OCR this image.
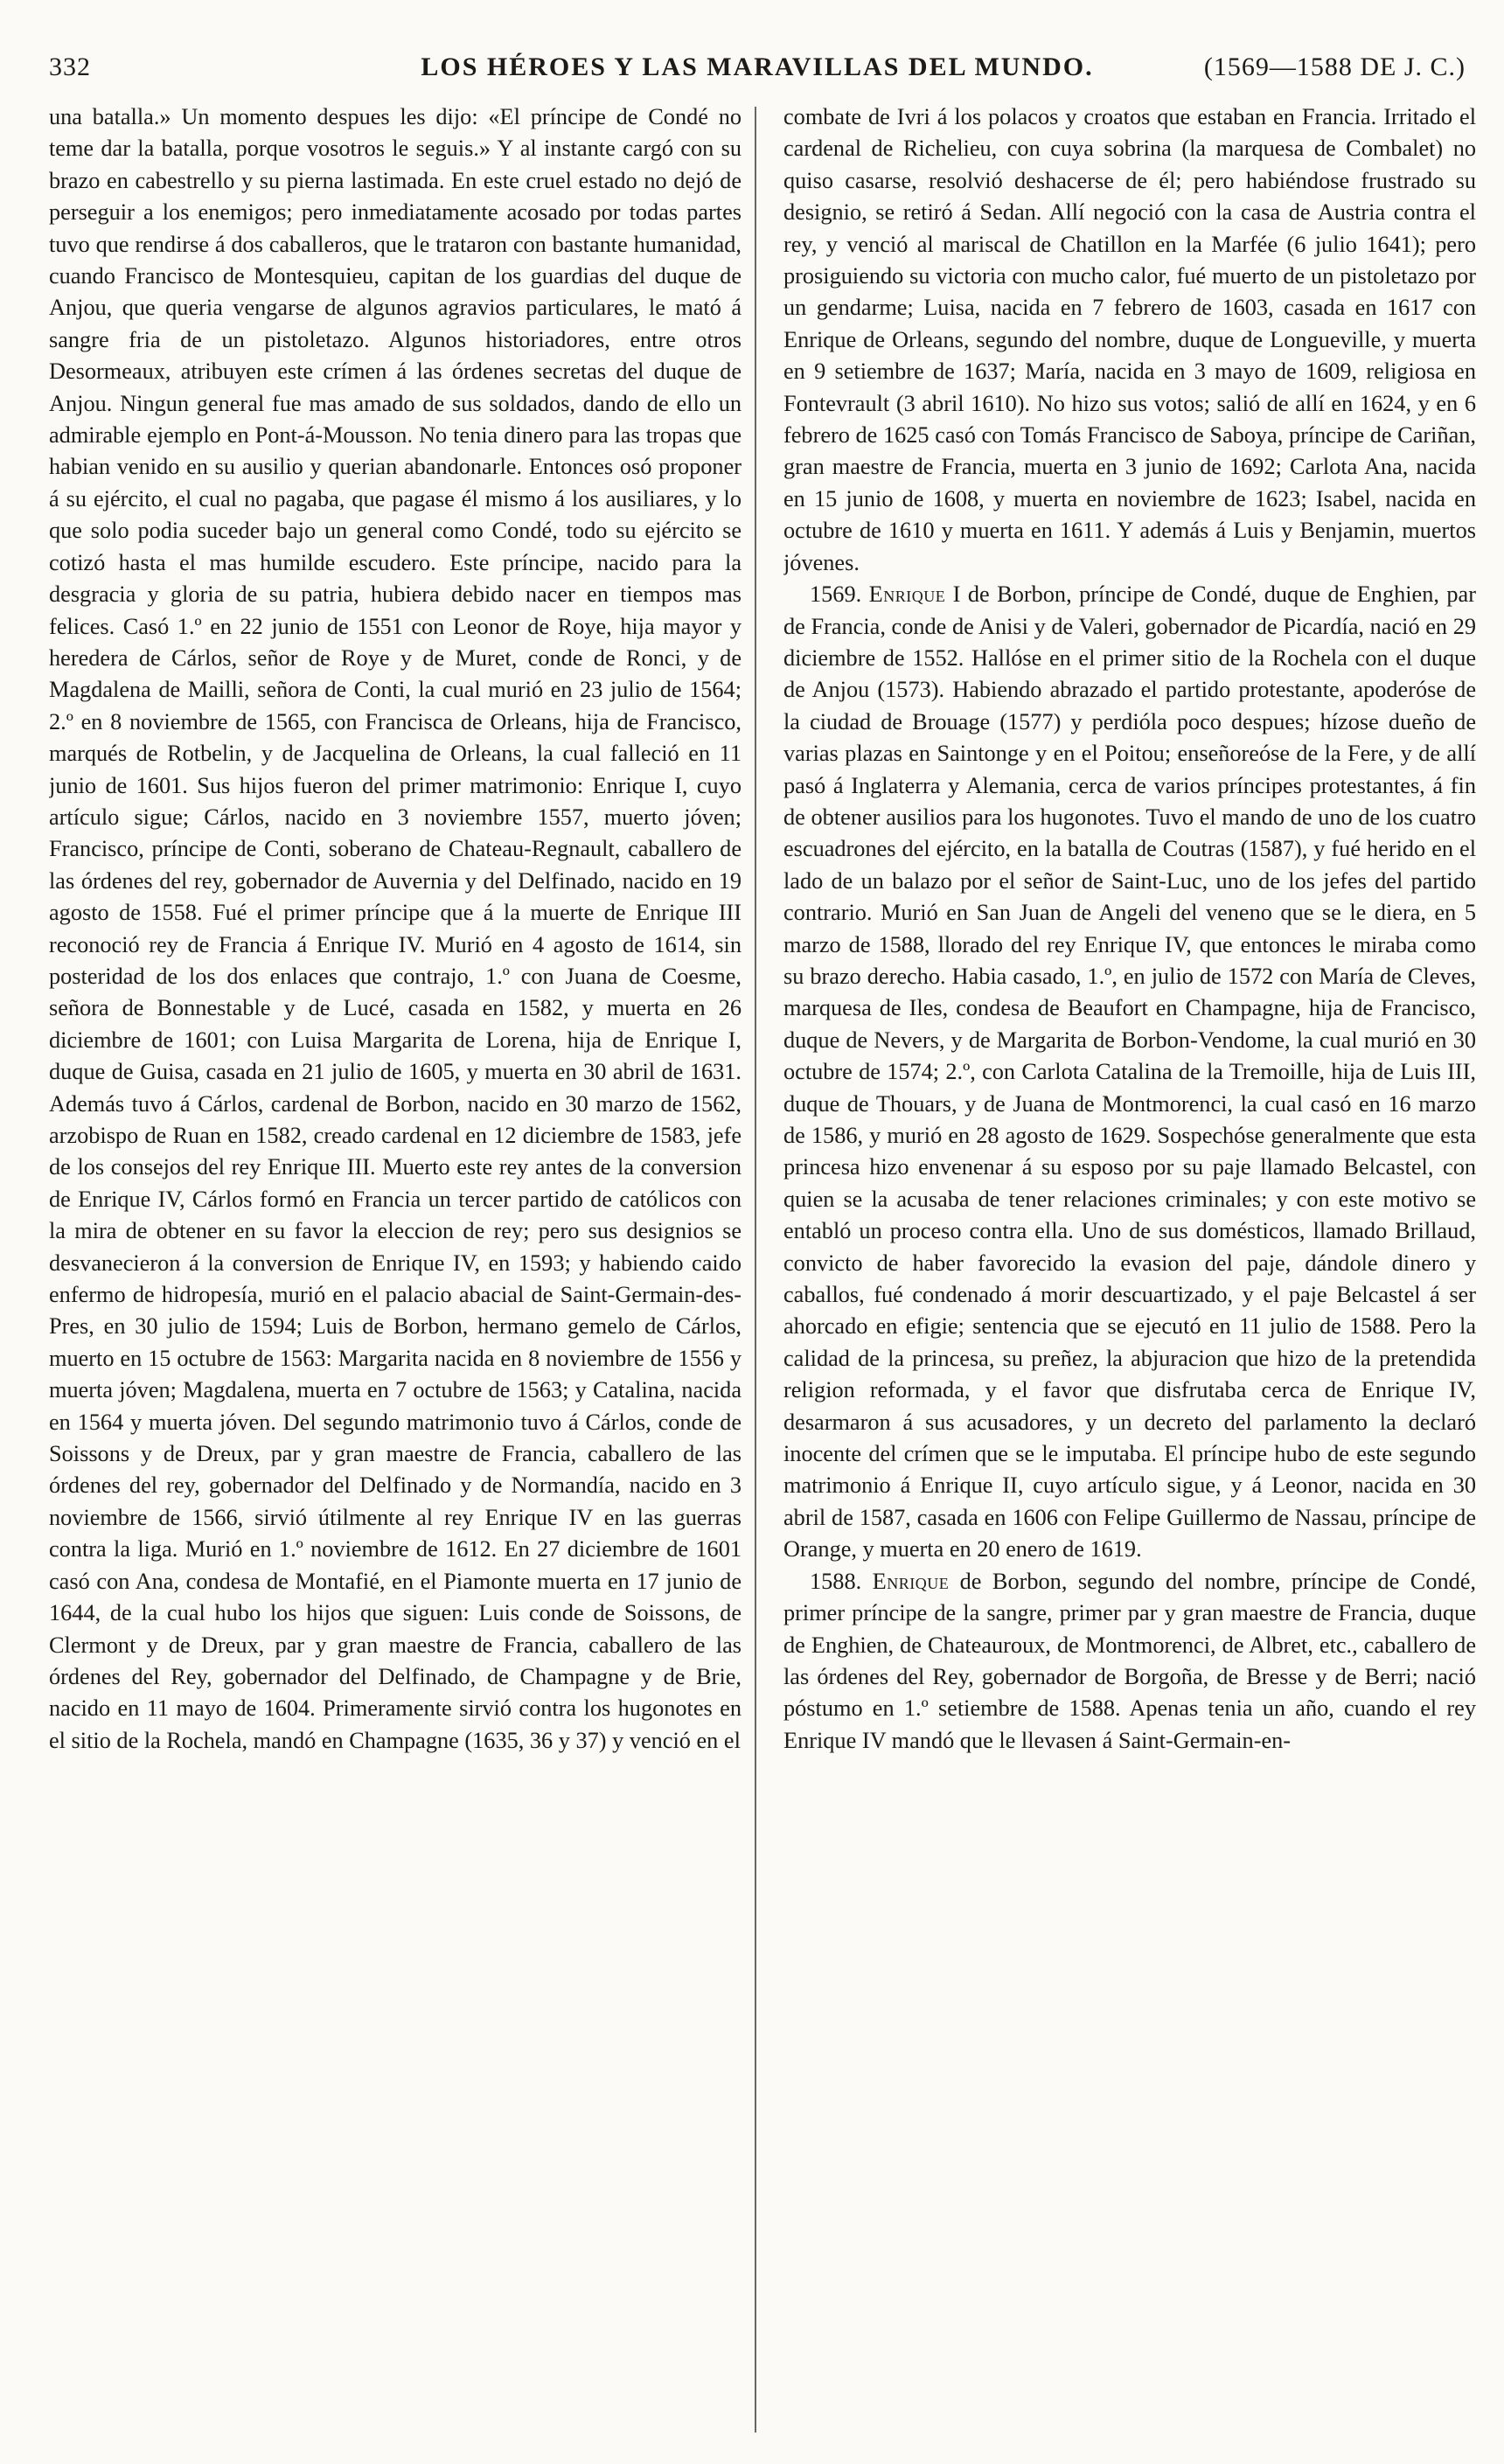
332	LOS HÉROES Y LAS MARAVILLAS DEL MUNDO.	(1569—1588 DE J. C.)

una batalla.» Un momento despues les dijo: «El príncipe de Condé no teme dar la batalla, porque vosotros le seguis.» Y al instante cargó con su brazo en cabestrello y su pierna lastimada. En este cruel estado no dejó de perseguir a los enemigos; pero inmediatamente acosado por todas partes tuvo que rendirse á dos caballeros, que le trataron con bastante humanidad, cuando Francisco de Montesquieu, capitan de los guardias del duque de Anjou, que queria vengarse de algunos agravios particulares, le mató á sangre fria de un pistoletazo. Algunos historiadores, entre otros Desormeaux, atribuyen este crímen á las órdenes secretas del duque de Anjou. Ningun general fue mas amado de sus soldados, dando de ello un admirable ejemplo en Pont-á-Mousson. No tenia dinero para las tropas que habian venido en su ausilio y querian abandonarle. Entonces osó proponer á su ejército, el cual no pagaba, que pagase él mismo á los ausiliares, y lo que solo podia suceder bajo un general como Condé, todo su ejército se cotizó hasta el mas humilde escudero. Este príncipe, nacido para la desgracia y gloria de su patria, hubiera debido nacer en tiempos mas felices. Casó 1.º en 22 junio de 1551 con Leonor de Roye, hija mayor y heredera de Cárlos, señor de Roye y de Muret, conde de Ronci, y de Magdalena de Mailli, señora de Conti, la cual murió en 23 julio de 1564; 2.º en 8 noviembre de 1565, con Francisca de Orleans, hija de Francisco, marqués de Rotbelin, y de Jacquelina de Orleans, la cual falleció en 11 junio de 1601. Sus hijos fueron del primer matrimonio: Enrique I, cuyo artículo sigue; Cárlos, nacido en 3 noviembre 1557, muerto jóven; Francisco, príncipe de Conti, soberano de Chateau-Regnault, caballero de las órdenes del rey, gobernador de Auvernia y del Delfinado, nacido en 19 agosto de 1558. Fué el primer príncipe que á la muerte de Enrique III reconoció rey de Francia á Enrique IV. Murió en 4 agosto de 1614, sin posteridad de los dos enlaces que contrajo, 1.º con Juana de Coesme, señora de Bonnestable y de Lucé, casada en 1582, y muerta en 26 diciembre de 1601; con Luisa Margarita de Lorena, hija de Enrique I, duque de Guisa, casada en 21 julio de 1605, y muerta en 30 abril de 1631. Además tuvo á Cárlos, cardenal de Borbon, nacido en 30 marzo de 1562, arzobispo de Ruan en 1582, creado cardenal en 12 diciembre de 1583, jefe de los consejos del rey Enrique III. Muerto este rey antes de la conversion de Enrique IV, Cárlos formó en Francia un tercer partido de católicos con la mira de obtener en su favor la eleccion de rey; pero sus designios se desvanecieron á la conversion de Enrique IV, en 1593; y habiendo caido enfermo de hidropesía, murió en el palacio abacial de Saint-Germain-des-Pres, en 30 julio de 1594; Luis de Borbon, hermano gemelo de Cárlos, muerto en 15 octubre de 1563: Margarita nacida en 8 noviembre de 1556 y muerta jóven; Magdalena, muerta en 7 octubre de 1563; y Catalina, nacida en 1564 y muerta jóven. Del segundo matrimonio tuvo á Cárlos, conde de Soissons y de Dreux, par y gran maestre de Francia, caballero de las órdenes del rey, gobernador del Delfinado y de Normandía, nacido en 3 noviembre de 1566, sirvió útilmente al rey Enrique IV en las guerras contra la liga. Murió en 1.º noviembre de 1612. En 27 diciembre de 1601 casó con Ana, condesa de Montafié, en el Piamonte muerta en 17 junio de 1644, de la cual hubo los hijos que siguen: Luis conde de Soissons, de Clermont y de Dreux, par y gran maestre de Francia, caballero de las órdenes del Rey, gobernador del Delfinado, de Champagne y de Brie, nacido en 11 mayo de 1604. Primeramente sirvió contra los hugonotes en el sitio de la Rochela, mandó en Champagne (1635, 36 y 37) y venció en el

combate de Ivri á los polacos y croatos que estaban en Francia. Irritado el cardenal de Richelieu, con cuya sobrina (la marquesa de Combalet) no quiso casarse, resolvió deshacerse de él; pero habiéndose frustrado su designio, se retiró á Sedan. Allí negoció con la casa de Austria contra el rey, y venció al mariscal de Chatillon en la Marfée (6 julio 1641); pero prosiguiendo su victoria con mucho calor, fué muerto de un pistoletazo por un gendarme; Luisa, nacida en 7 febrero de 1603, casada en 1617 con Enrique de Orleans, segundo del nombre, duque de Longueville, y muerta en 9 setiembre de 1637; María, nacida en 3 mayo de 1609, religiosa en Fontevrault (3 abril 1610). No hizo sus votos; salió de allí en 1624, y en 6 febrero de 1625 casó con Tomás Francisco de Saboya, príncipe de Cariñan, gran maestre de Francia, muerta en 3 junio de 1692; Carlota Ana, nacida en 15 junio de 1608, y muerta en noviembre de 1623; Isabel, nacida en octubre de 1610 y muerta en 1611. Y además á Luis y Benjamin, muertos jóvenes.

1569. Enrique I de Borbon, príncipe de Condé, duque de Enghien, par de Francia, conde de Anisi y de Valeri, gobernador de Picardía, nació en 29 diciembre de 1552. Hallóse en el primer sitio de la Rochela con el duque de Anjou (1573). Habiendo abrazado el partido protestante, apoderóse de la ciudad de Brouage (1577) y perdióla poco despues; hízose dueño de varias plazas en Saintonge y en el Poitou; enseñoreóse de la Fere, y de allí pasó á Inglaterra y Alemania, cerca de varios príncipes protestantes, á fin de obtener ausilios para los hugonotes. Tuvo el mando de uno de los cuatro escuadrones del ejército, en la batalla de Coutras (1587), y fué herido en el lado de un balazo por el señor de Saint-Luc, uno de los jefes del partido contrario. Murió en San Juan de Angeli del veneno que se le diera, en 5 marzo de 1588, llorado del rey Enrique IV, que entonces le miraba como su brazo derecho. Habia casado, 1.º, en julio de 1572 con María de Cleves, marquesa de Iles, condesa de Beaufort en Champagne, hija de Francisco, duque de Nevers, y de Margarita de Borbon-Vendome, la cual murió en 30 octubre de 1574; 2.º, con Carlota Catalina de la Tremoille, hija de Luis III, duque de Thouars, y de Juana de Montmorenci, la cual casó en 16 marzo de 1586, y murió en 28 agosto de 1629. Sospechóse generalmente que esta princesa hizo envenenar á su esposo por su paje llamado Belcastel, con quien se la acusaba de tener relaciones criminales; y con este motivo se entabló un proceso contra ella. Uno de sus domésticos, llamado Brillaud, convicto de haber favorecido la evasion del paje, dándole dinero y caballos, fué condenado á morir descuartizado, y el paje Belcastel á ser ahorcado en efigie; sentencia que se ejecutó en 11 julio de 1588. Pero la calidad de la princesa, su preñez, la abjuracion que hizo de la pretendida religion reformada, y el favor que disfrutaba cerca de Enrique IV, desarmaron á sus acusadores, y un decreto del parlamento la declaró inocente del crímen que se le imputaba. El príncipe hubo de este segundo matrimonio á Enrique II, cuyo artículo sigue, y á Leonor, nacida en 30 abril de 1587, casada en 1606 con Felipe Guillermo de Nassau, príncipe de Orange, y muerta en 20 enero de 1619.

1588. Enrique de Borbon, segundo del nombre, príncipe de Condé, primer príncipe de la sangre, primer par y gran maestre de Francia, duque de Enghien, de Chateauroux, de Montmorenci, de Albret, etc., caballero de las órdenes del Rey, gobernador de Borgoña, de Bresse y de Berri; nació póstumo en 1.º setiembre de 1588. Apenas tenia un año, cuando el rey Enrique IV mandó que le llevasen á Saint-Germain-en-
